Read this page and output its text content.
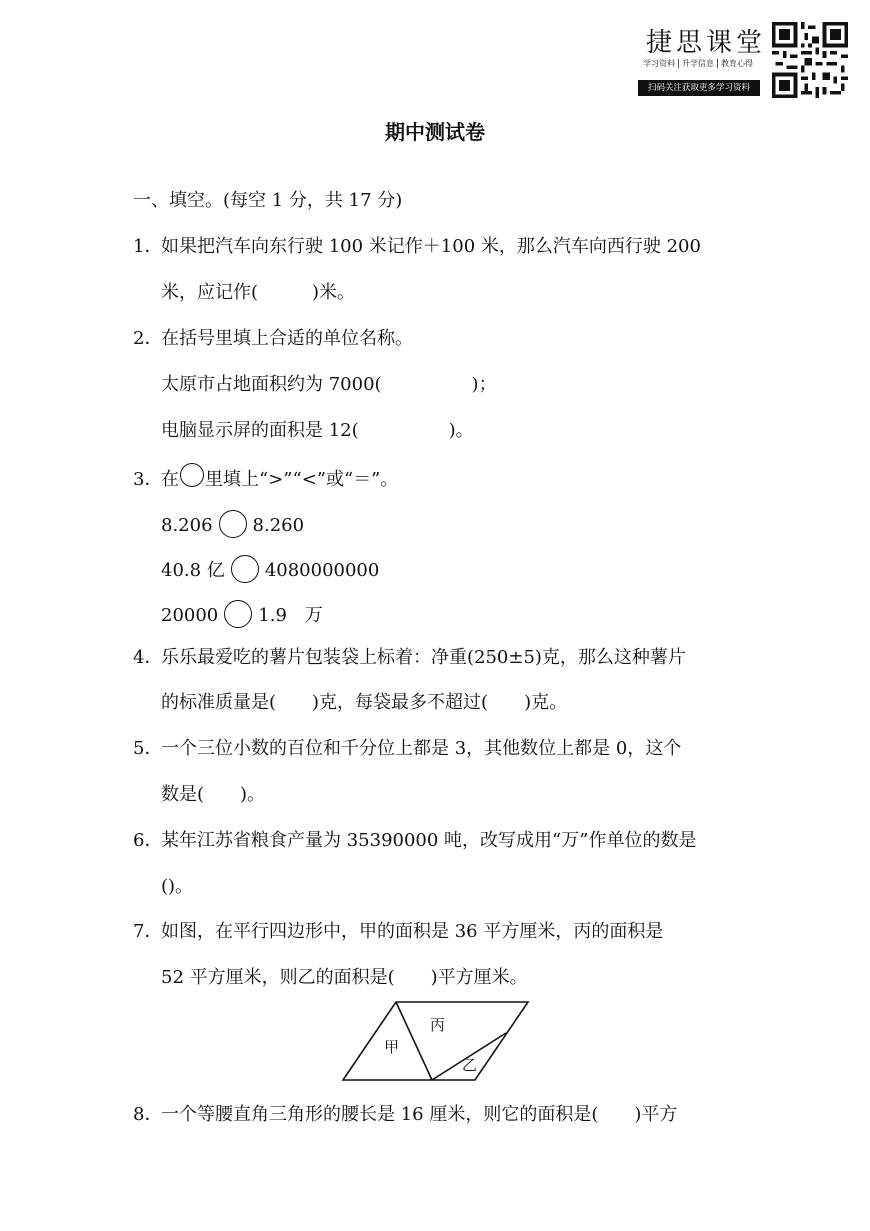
捷思课堂
学习资料 升学信息 教育心得
扫码关注获取更多学习资料
期中测试卷
一、填空。(每空 1 分，共 17 分)
1．如果把汽车向东行驶 100 米记作＋100 米，那么汽车向西行驶 200
米，应记作(　　　)米。
2．在括号里填上合适的单位名称。
太原市占地面积约为 7000(　　　　　)；
电脑显示屏的面积是 12(　　　　　)。
3．在 里填上“>”“<”或“＝”。
8.206 8.260
40.8 亿 4080000000
20000 1.9　万
4．乐乐最爱吃的薯片包装袋上标着：净重(250±5)克，那么这种薯片
的标准质量是(　　)克，每袋最多不超过(　　)克。
5．一个三位小数的百位和千分位上都是 3，其他数位上都是 0，这个
数是(　　)。
6．某年江苏省粮食产量为 35390000 吨，改写成用“万”作单位的数是
()。
7．如图，在平行四边形中，甲的面积是 36 平方厘米，丙的面积是
52 平方厘米，则乙的面积是(　　)平方厘米。
甲
丙
乙
8．一个等腰直角三角形的腰长是 16 厘米，则它的面积是(　　)平方
